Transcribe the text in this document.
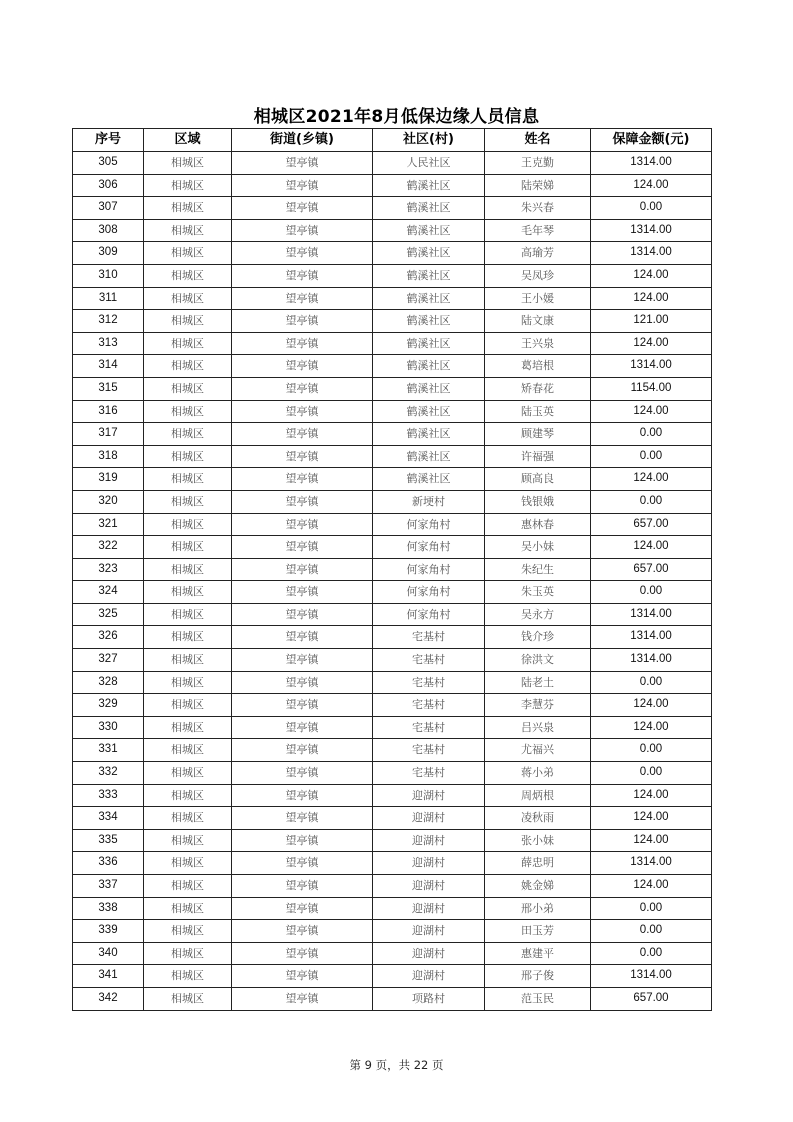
相城区2021年8月低保边缘人员信息
序号	区域	街道(乡镇)	社区(村)	姓名	保障金额(元)
305	相城区	望亭镇	人民社区	王克勤	1314.00
306	相城区	望亭镇	鹤溪社区	陆荣娣	124.00
307	相城区	望亭镇	鹤溪社区	朱兴春	0.00
308	相城区	望亭镇	鹤溪社区	毛年琴	1314.00
309	相城区	望亭镇	鹤溪社区	高瑜芳	1314.00
310	相城区	望亭镇	鹤溪社区	吴凤珍	124.00
311	相城区	望亭镇	鹤溪社区	王小媛	124.00
312	相城区	望亭镇	鹤溪社区	陆文康	121.00
313	相城区	望亭镇	鹤溪社区	王兴泉	124.00
314	相城区	望亭镇	鹤溪社区	葛培根	1314.00
315	相城区	望亭镇	鹤溪社区	矫春花	1154.00
316	相城区	望亭镇	鹤溪社区	陆玉英	124.00
317	相城区	望亭镇	鹤溪社区	顾建琴	0.00
318	相城区	望亭镇	鹤溪社区	许福强	0.00
319	相城区	望亭镇	鹤溪社区	顾高良	124.00
320	相城区	望亭镇	新埂村	钱银娥	0.00
321	相城区	望亭镇	何家角村	惠林春	657.00
322	相城区	望亭镇	何家角村	吴小妹	124.00
323	相城区	望亭镇	何家角村	朱纪生	657.00
324	相城区	望亭镇	何家角村	朱玉英	0.00
325	相城区	望亭镇	何家角村	吴永方	1314.00
326	相城区	望亭镇	宅基村	钱介珍	1314.00
327	相城区	望亭镇	宅基村	徐洪文	1314.00
328	相城区	望亭镇	宅基村	陆老土	0.00
329	相城区	望亭镇	宅基村	李慧芬	124.00
330	相城区	望亭镇	宅基村	吕兴泉	124.00
331	相城区	望亭镇	宅基村	尤福兴	0.00
332	相城区	望亭镇	宅基村	蒋小弟	0.00
333	相城区	望亭镇	迎湖村	周炳根	124.00
334	相城区	望亭镇	迎湖村	凌秋雨	124.00
335	相城区	望亭镇	迎湖村	张小妹	124.00
336	相城区	望亭镇	迎湖村	薛忠明	1314.00
337	相城区	望亭镇	迎湖村	姚金娣	124.00
338	相城区	望亭镇	迎湖村	邢小弟	0.00
339	相城区	望亭镇	迎湖村	田玉芳	0.00
340	相城区	望亭镇	迎湖村	惠建平	0.00
341	相城区	望亭镇	迎湖村	邢子俊	1314.00
342	相城区	望亭镇	项路村	范玉民	657.00
第 9 页，共 22 页
